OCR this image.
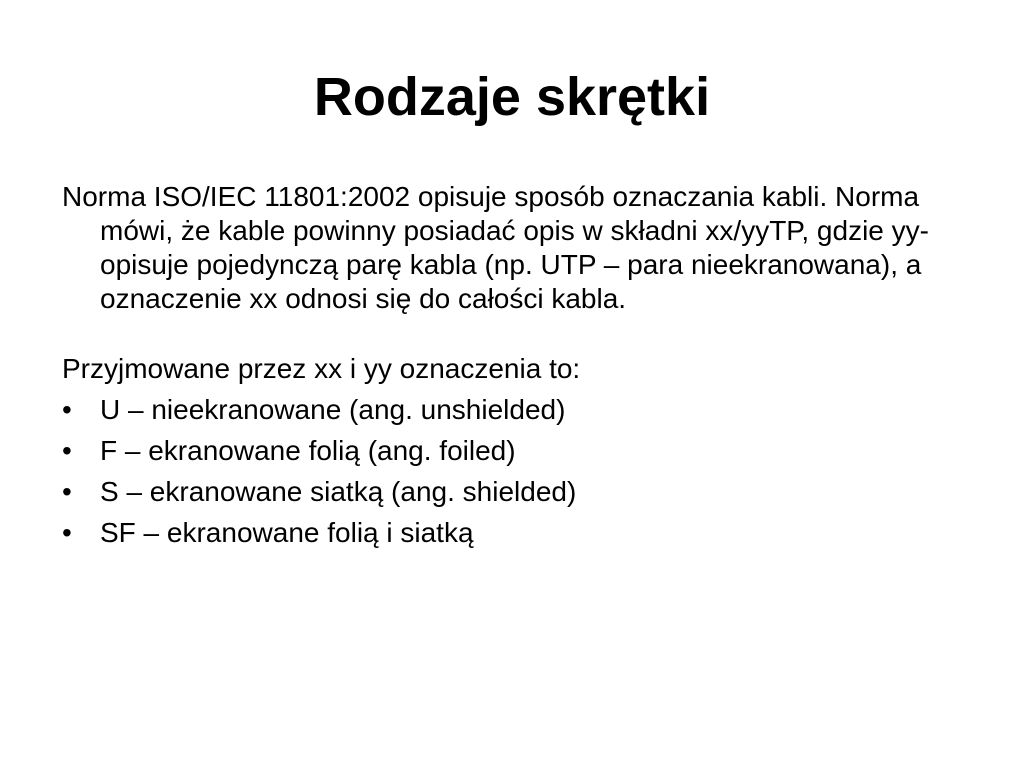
Rodzaje skrętki

Norma ISO/IEC 11801:2002 opisuje sposób oznaczania kabli. Norma mówi, że kable powinny posiadać opis w składni xx/yyTP, gdzie yy-opisuje pojedynczą parę kabla (np. UTP – para nieekranowana), a oznaczenie xx odnosi się do całości kabla.

Przyjmowane przez xx i yy oznaczenia to:

•	U – nieekranowane (ang. unshielded)
•	F – ekranowane folią (ang. foiled)
•	S – ekranowane siatką (ang. shielded)
•	SF – ekranowane folią i siatką
